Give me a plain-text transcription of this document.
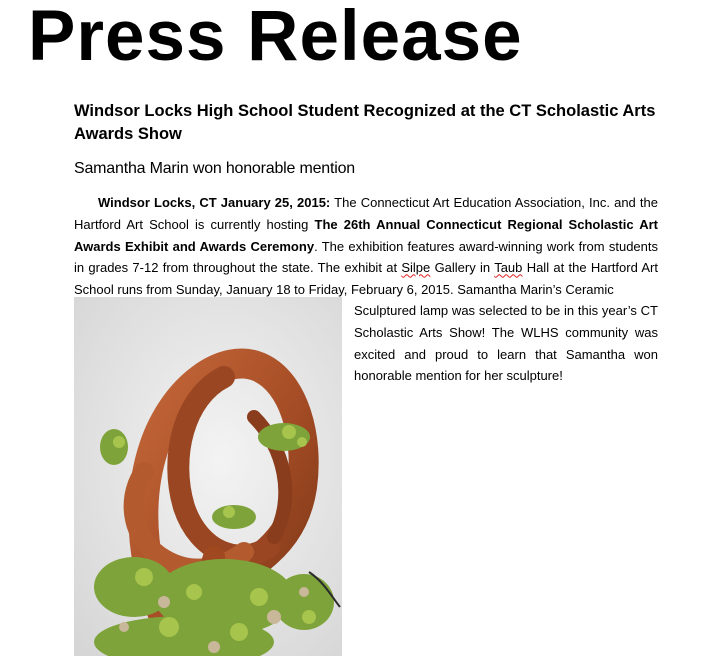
Press Release
Windsor Locks High School Student Recognized at the CT Scholastic Arts Awards Show

Samantha Marin won honorable mention

Windsor Locks, CT January 25, 2015: The Connecticut Art Education Association, Inc. and the Hartford Art School is currently hosting The 26th Annual Connecticut Regional Scholastic Art Awards Exhibit and Awards Ceremony. The exhibition features award-winning work from students in grades 7-12 from throughout the state. The exhibit at Silpe Gallery in Taub Hall at the Hartford Art School runs from Sunday, January 18 to Friday, February 6, 2015. Samantha Marin’s Ceramic

Sculptured lamp was selected to be in this year’s CT Scholastic Arts Show! The WLHS community was excited and proud to learn that Samantha won honorable mention for her sculpture!
